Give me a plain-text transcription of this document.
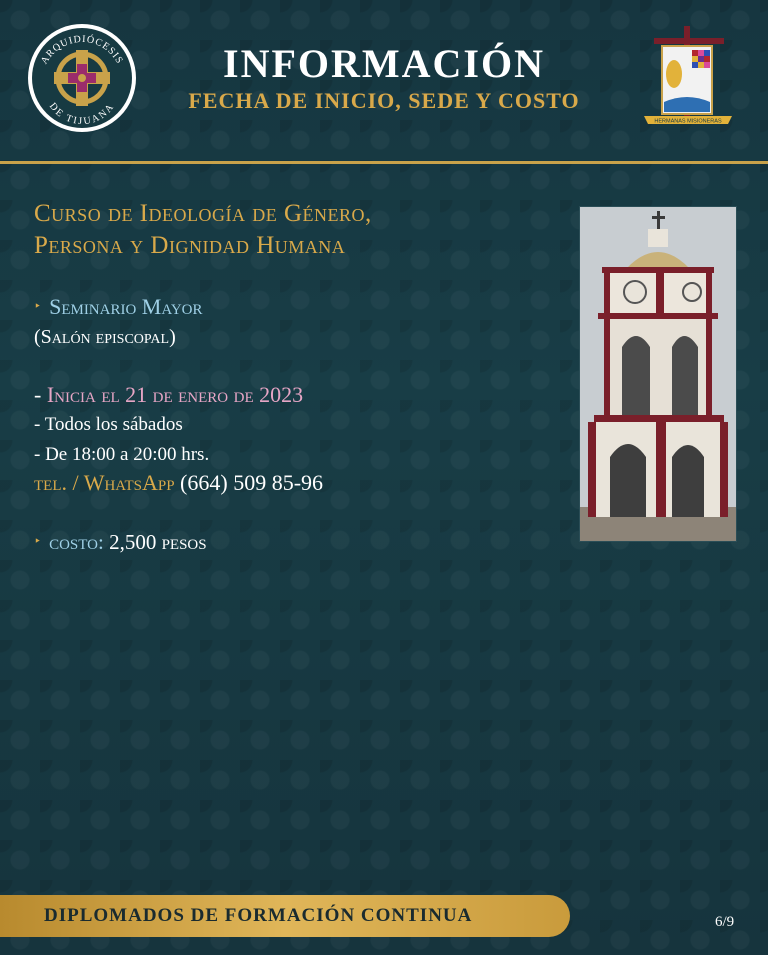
ARQUIDIÓCESIS
DE TIJUANA
INFORMACIÓN
FECHA DE INICIO, SEDE Y COSTO
HERMANAS MISIONERAS
Curso de Ideología de Género,
Persona y Dignidad Humana
‣ Seminario Mayor
(Salón episcopal)
- Inicia el 21 de enero de 2023
- Todos los sábados
- De 18:00 a 20:00 hrs.
tel. / WhatsApp (664) 509 85-96
‣ costo: 2,500 pesos
DIPLOMADOS DE FORMACIÓN CONTINUA	6/9
